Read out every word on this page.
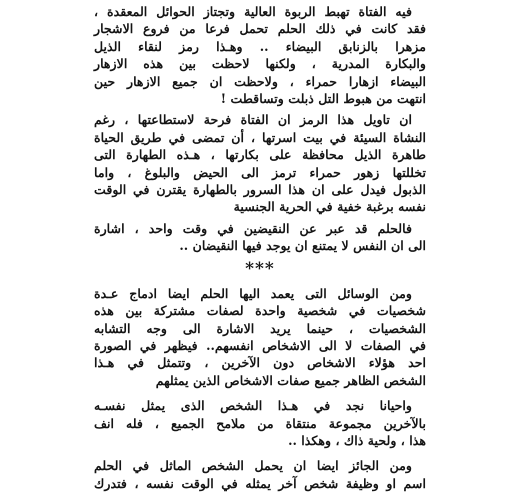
فيه الفتاة تهبط الربوة العالية وتجتاز الحوائل المعقدة ،
فقد كانت في ذلك الحلم تحمل فرعا من فروع الاشجار
مزهرا بالزنابق البيضاء .. وهـذا رمز لنقاء الذيل
والبكارة المدرية ، ولكنها لاحظت بين هذه الازهار
البيضاء ازهارا حمراء ، ولاحظت ان جميع الازهار حين
انتهت من هبوط التل ذبلت وتساقطت !

ان تاويل هذا الرمز ان الفتاة فرحة لاستطاعتها ، رغم
النشاة السيئة في بيت اسرتها ، أن تمضى في طريق الحياة
طاهرة الذيل محافظة على بكارتها ، هـذه الطهارة التى
تخللتها زهور حمراء ترمز الى الحيض والبلوغ ، واما
الذبول فيدل على ان هذا السرور بالطهارة يقترن في الوقت
نفسه برغبة خفية في الحرية الجنسية

فالحلم قد عبر عن النقيضين في وقت واحد ، اشارة
الى ان النفس لا يمتنع ان يوجد فيها النقيضان ..

***

ومن الوسائل التى يعمد اليها الحلم ايضا ادماج عـدة
شخصيات في شخصية واحدة لصفات مشتركة بين هذه
الشخصيات ، حينما يريد الاشارة الى وجه التشابه
في الصفات لا الى الاشخاص انفسهم.. فيظهر في الصورة
احد هؤلاء الاشخاص دون الآخرين ، وتتمثل في هـذا
الشخص الظاهر جميع صفات الاشخاص الذين يمثلهم

واحيانا نجد في هـذا الشخص الذى يمثل نفسـه
بالآخرين مجموعة منتقاة من ملامح الجميع ، فله انف
هذا ، ولحية ذاك ، وهكذا ..

ومن الجائز ايضا ان يحمل الشخص الماثل في الحلم
اسم او وظيفة شخص آخر يمثله في الوقت نفسه ، فتدرك
